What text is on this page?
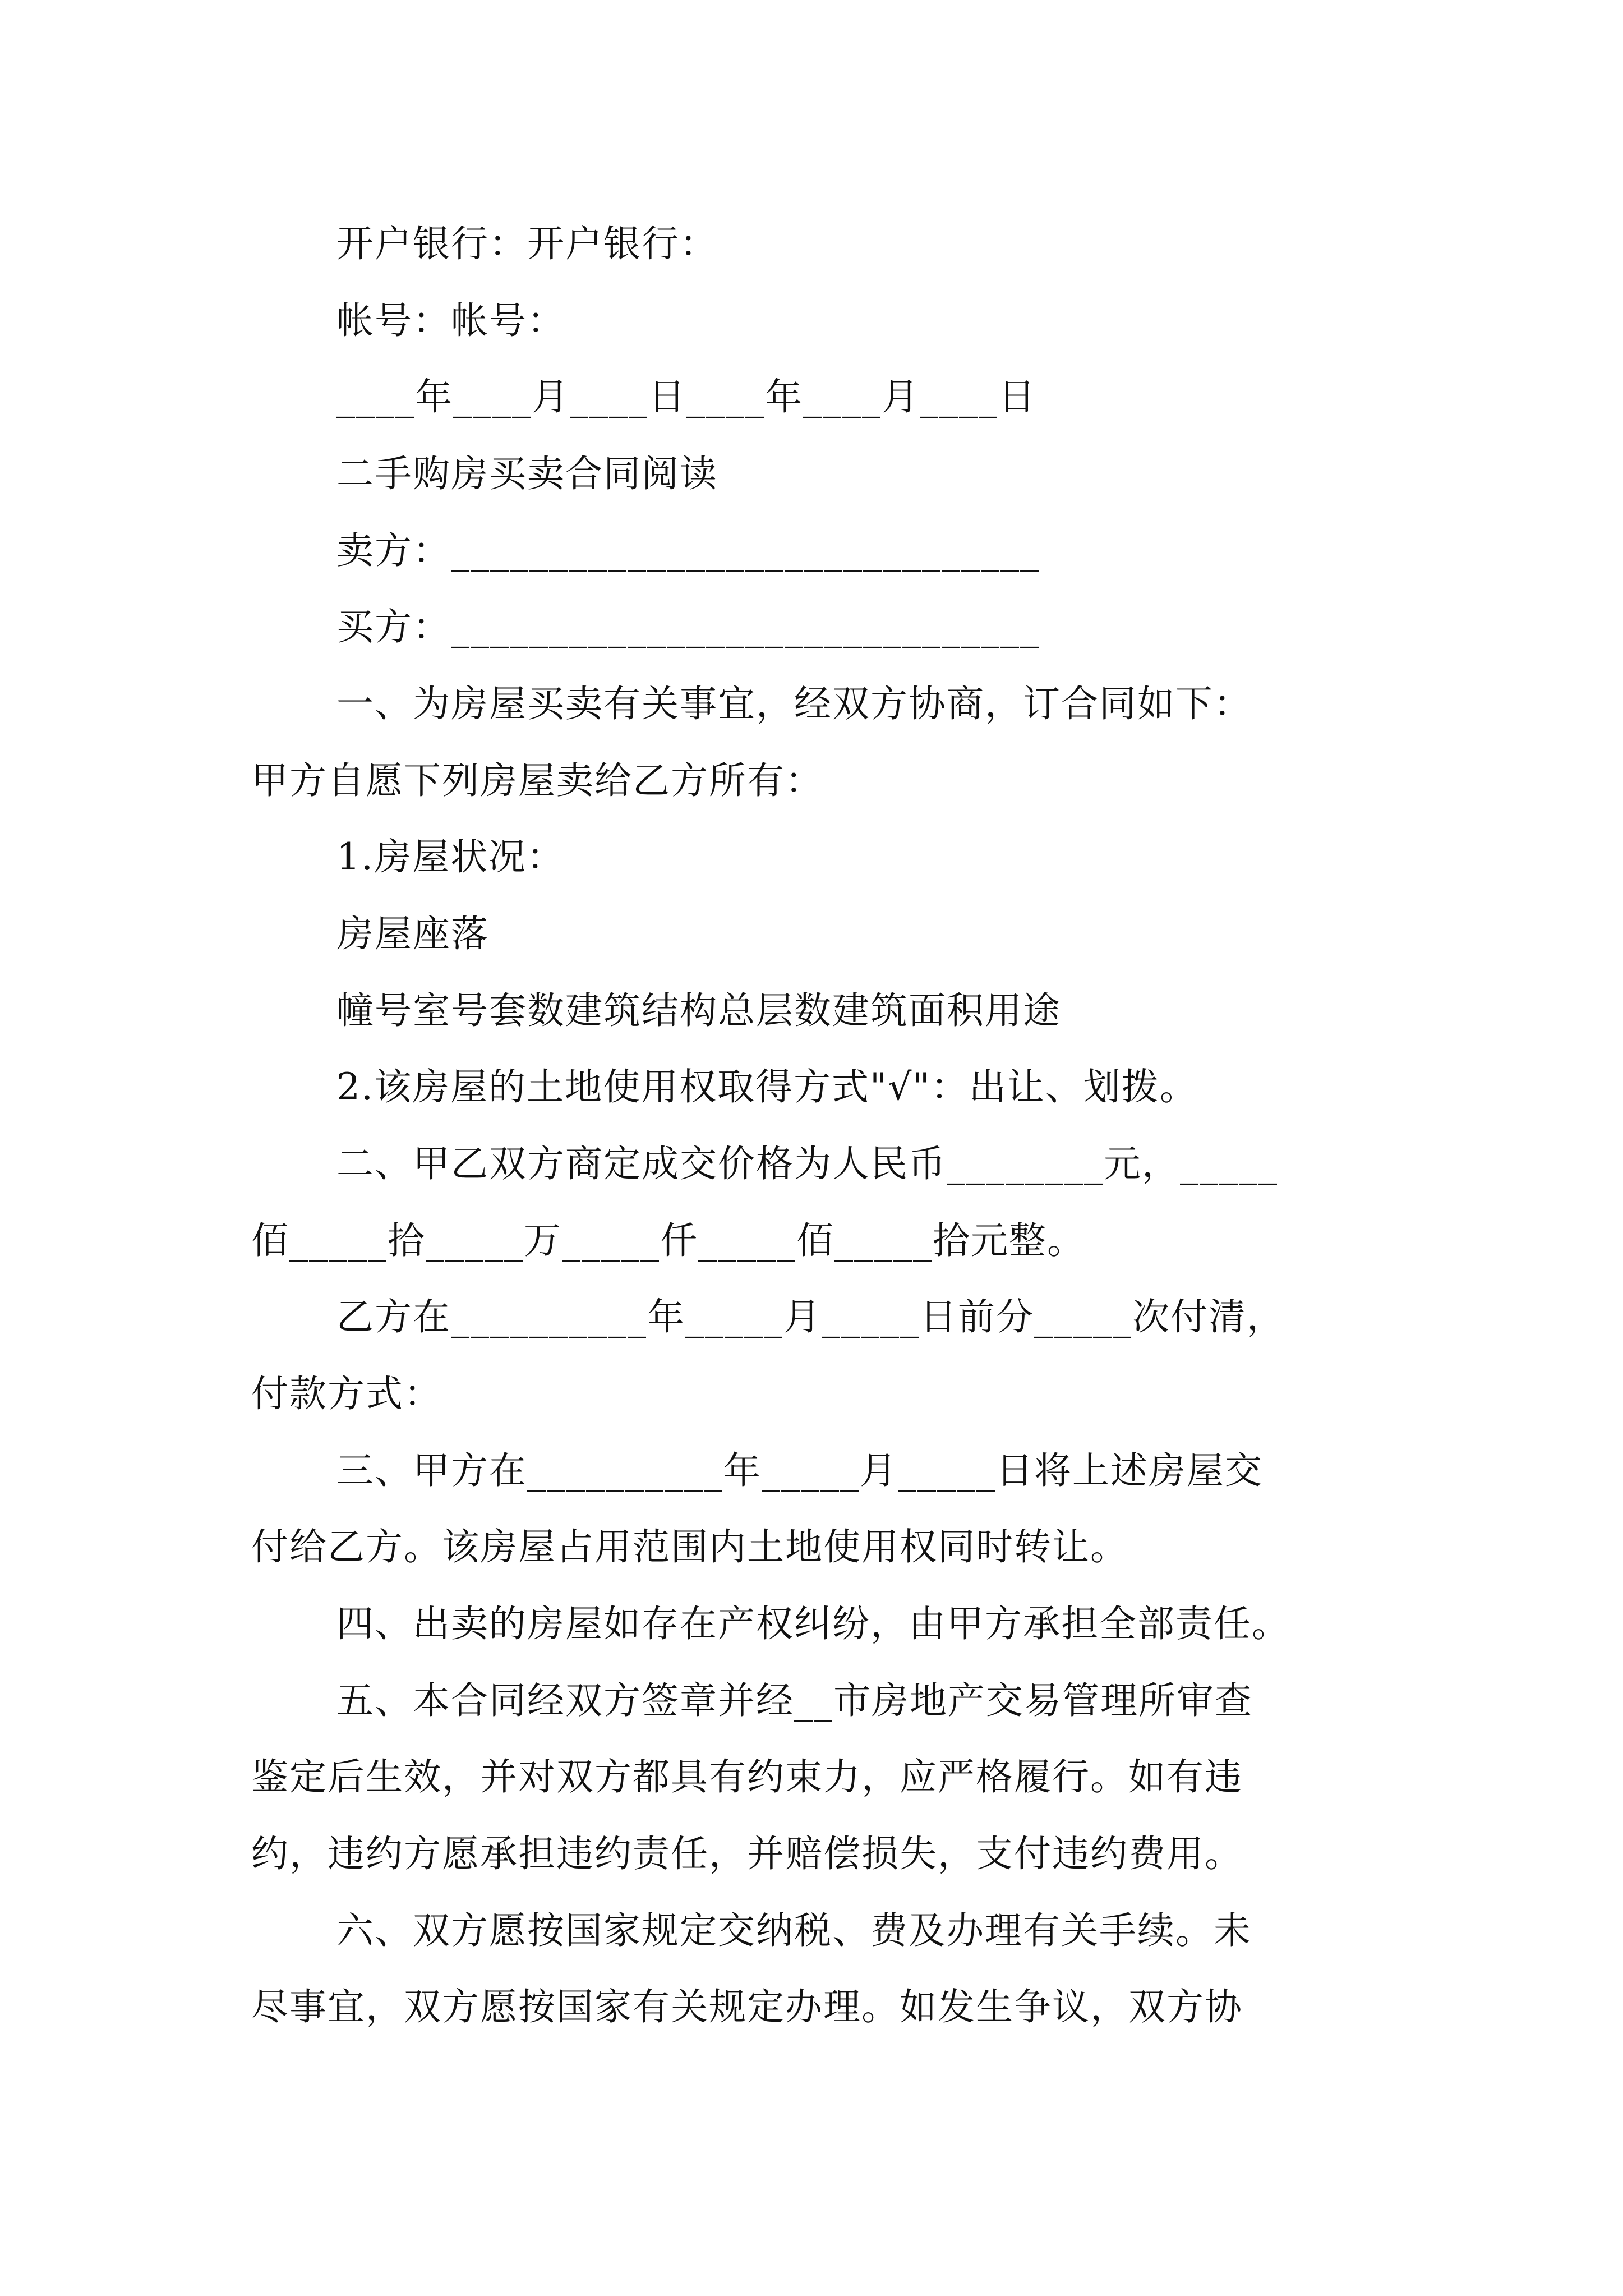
开户银行：开户银行：
帐号：帐号：
____年____月____日____年____月____日
二手购房买卖合同阅读
卖方：______________________________
买方：______________________________
一、为房屋买卖有关事宜，经双方协商，订合同如下：
甲方自愿下列房屋卖给乙方所有：
1.房屋状况：
房屋座落
幢号室号套数建筑结构总层数建筑面积用途
2.该房屋的土地使用权取得方式"√"：出让、划拨。
二、甲乙双方商定成交价格为人民币________元，_____
佰_____拾_____万_____仟_____佰_____拾元整。
乙方在__________年_____月_____日前分_____次付清，
付款方式：
三、甲方在__________年_____月_____日将上述房屋交
付给乙方。该房屋占用范围内土地使用权同时转让。
四、出卖的房屋如存在产权纠纷，由甲方承担全部责任。
五、本合同经双方签章并经__市房地产交易管理所审查
鉴定后生效，并对双方都具有约束力，应严格履行。如有违
约，违约方愿承担违约责任，并赔偿损失，支付违约费用。
六、双方愿按国家规定交纳税、费及办理有关手续。未
尽事宜，双方愿按国家有关规定办理。如发生争议，双方协
